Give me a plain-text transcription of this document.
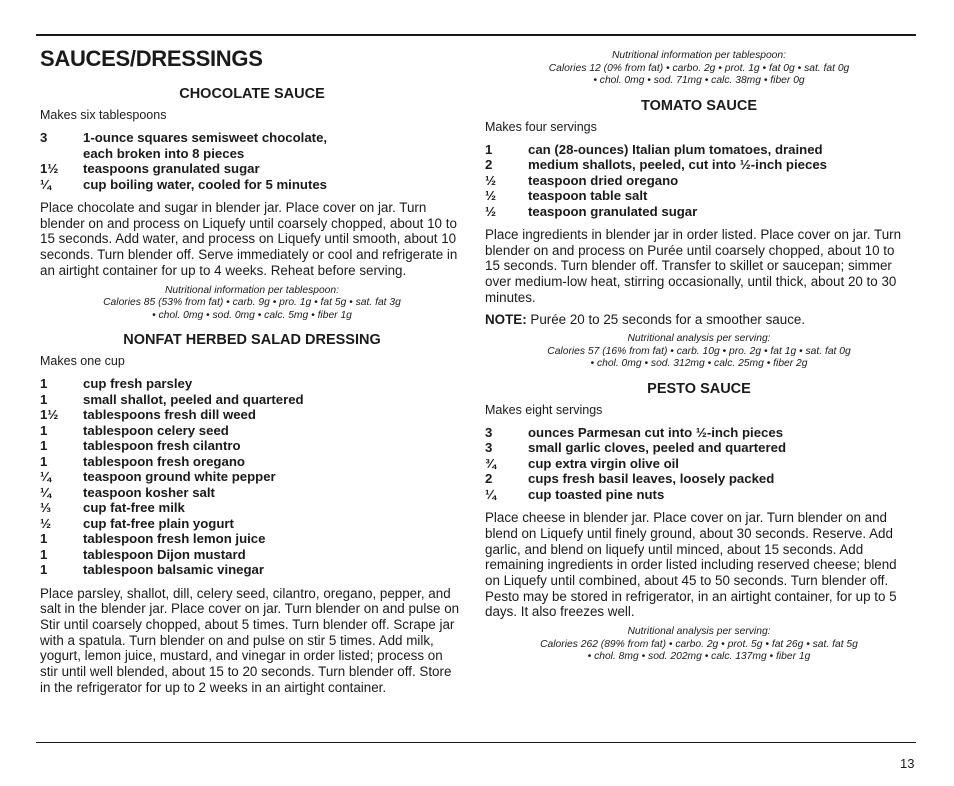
SAUCES/DRESSINGS
CHOCOLATE SAUCE

Makes six tablespoons

3	1-ounce squares semisweet chocolate,
each broken into 8 pieces
1½	teaspoons granulated sugar
¼	cup boiling water, cooled for 5 minutes

Place chocolate and sugar in blender jar. Place cover on jar. Turn blender on and process on Liquefy until coarsely chopped, about 10 to 15 seconds. Add water, and process on Liquefy until smooth, about 10 seconds. Turn blender off. Serve immediately or cool and refrigerate in an airtight container for up to 4 weeks. Reheat before serving.

Nutritional information per tablespoon:
Calories 85 (53% from fat) • carb. 9g • pro. 1g • fat 5g • sat. fat 3g
• chol. 0mg • sod. 0mg • calc. 5mg • fiber 1g
NONFAT HERBED SALAD DRESSING

Makes one cup

1	cup fresh parsley
1	small shallot, peeled and quartered
1½	tablespoons fresh dill weed
1	tablespoon celery seed
1	tablespoon fresh cilantro
1	tablespoon fresh oregano
¼	teaspoon ground white pepper
¼	teaspoon kosher salt
⅓	cup fat-free milk
½	cup fat-free plain yogurt
1	tablespoon fresh lemon juice
1	tablespoon Dijon mustard
1	tablespoon balsamic vinegar

Place parsley, shallot, dill, celery seed, cilantro, oregano, pepper, and salt in the blender jar. Place cover on jar. Turn blender on and pulse on Stir until coarsely chopped, about 5 times. Turn blender off. Scrape jar with a spatula. Turn blender on and pulse on stir 5 times. Add milk, yogurt, lemon juice, mustard, and vinegar in order listed; process on stir until well blended, about 15 to 20 seconds. Turn blender off. Store in the refrigerator for up to 2 weeks in an airtight container.

Nutritional information per tablespoon:
Calories 12 (0% from fat) • carbo. 2g • prot. 1g • fat 0g • sat. fat 0g
• chol. 0mg • sod. 71mg • calc. 38mg • fiber 0g
TOMATO SAUCE

Makes four servings

1	can (28-ounces) Italian plum tomatoes, drained
2	medium shallots, peeled, cut into ½-inch pieces
½	teaspoon dried oregano
½	teaspoon table salt
½	teaspoon granulated sugar

Place ingredients in blender jar in order listed. Place cover on jar. Turn blender on and process on Purée until coarsely chopped, about 10 to 15 seconds. Turn blender off. Transfer to skillet or saucepan; simmer over medium-low heat, stirring occasionally, until thick, about 20 to 30 minutes.

NOTE: Purée 20 to 25 seconds for a smoother sauce.

Nutritional analysis per serving:
Calories 57 (16% from fat) • carb. 10g • pro. 2g • fat 1g • sat. fat 0g
• chol. 0mg • sod. 312mg • calc. 25mg • fiber 2g
PESTO SAUCE

Makes eight servings

3	ounces Parmesan cut into ½-inch pieces
3	small garlic cloves, peeled and quartered
¾	cup extra virgin olive oil
2	cups fresh basil leaves, loosely packed
¼	cup toasted pine nuts

Place cheese in blender jar. Place cover on jar. Turn blender on and blend on Liquefy until finely ground, about 30 seconds. Reserve. Add garlic, and blend on liquefy until minced, about 15 seconds. Add remaining ingredients in order listed including reserved cheese; blend on Liquefy until combined, about 45 to 50 seconds. Turn blender off. Pesto may be stored in refrigerator, in an airtight container, for up to 5 days. It also freezes well.

Nutritional analysis per serving:
Calories 262 (89% from fat) • carbo. 2g • prot. 5g • fat 26g • sat. fat 5g
• chol. 8mg • sod. 202mg • calc. 137mg • fiber 1g
13
